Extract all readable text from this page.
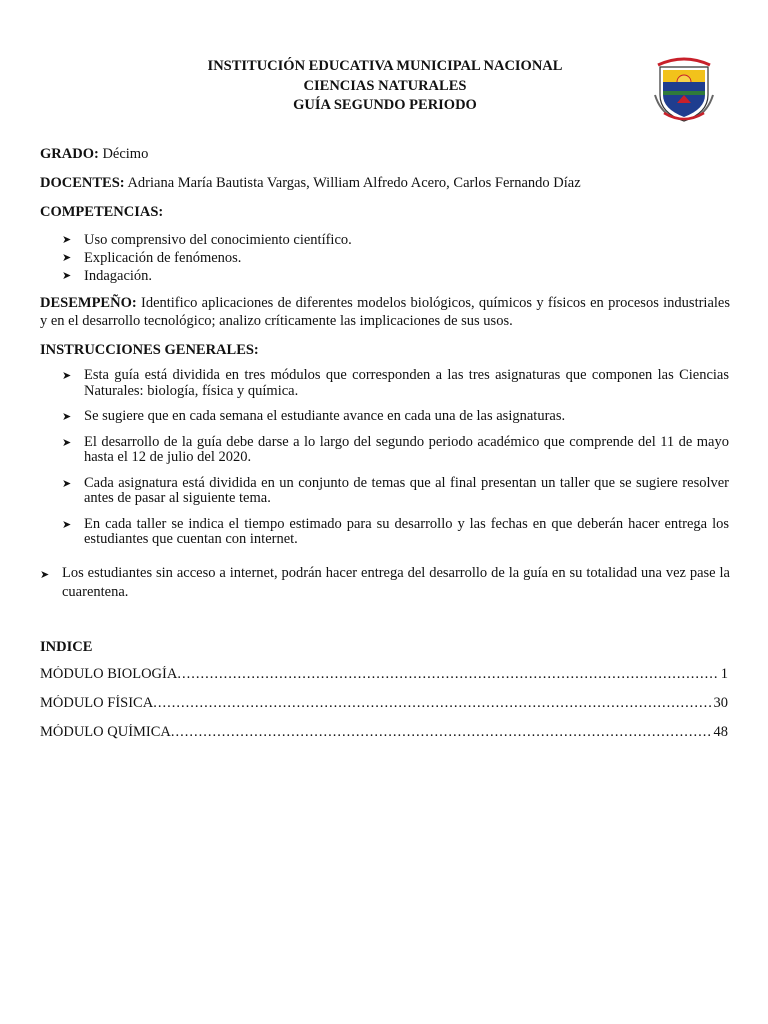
INSTITUCIÓN EDUCATIVA MUNICIPAL NACIONAL
CIENCIAS NATURALES
GUÍA SEGUNDO PERIODO
GRADO: Décimo
DOCENTES: Adriana María Bautista Vargas, William Alfredo Acero, Carlos Fernando Díaz
COMPETENCIAS:
➤ Uso comprensivo del conocimiento científico.
➤ Explicación de fenómenos.
➤ Indagación.
DESEMPEÑO: Identifico aplicaciones de diferentes modelos biológicos, químicos y físicos en procesos industriales y en el desarrollo tecnológico; analizo críticamente las implicaciones de sus usos.
INSTRUCCIONES GENERALES:
➤ Esta guía está dividida en tres módulos que corresponden a las tres asignaturas que componen las Ciencias Naturales: biología, física y química.
➤ Se sugiere que en cada semana el estudiante avance en cada una de las asignaturas.
➤ El desarrollo de la guía debe darse a lo largo del segundo periodo académico que comprende del 11 de mayo hasta el 12 de julio del 2020.
➤ Cada asignatura está dividida en un conjunto de temas que al final presentan un taller que se sugiere resolver antes de pasar al siguiente tema.
➤ En cada taller se indica el tiempo estimado para su desarrollo y las fechas en que deberán hacer entrega los estudiantes que cuentan con internet.
➤ Los estudiantes sin acceso a internet, podrán hacer entrega del desarrollo de la guía en su totalidad una vez pase la cuarentena.
INDICE
MÓDULO BIOLOGÍA .....	1
MÓDULO FÍSICA .....	30
MÓDULO QUÍMICA .....	48
